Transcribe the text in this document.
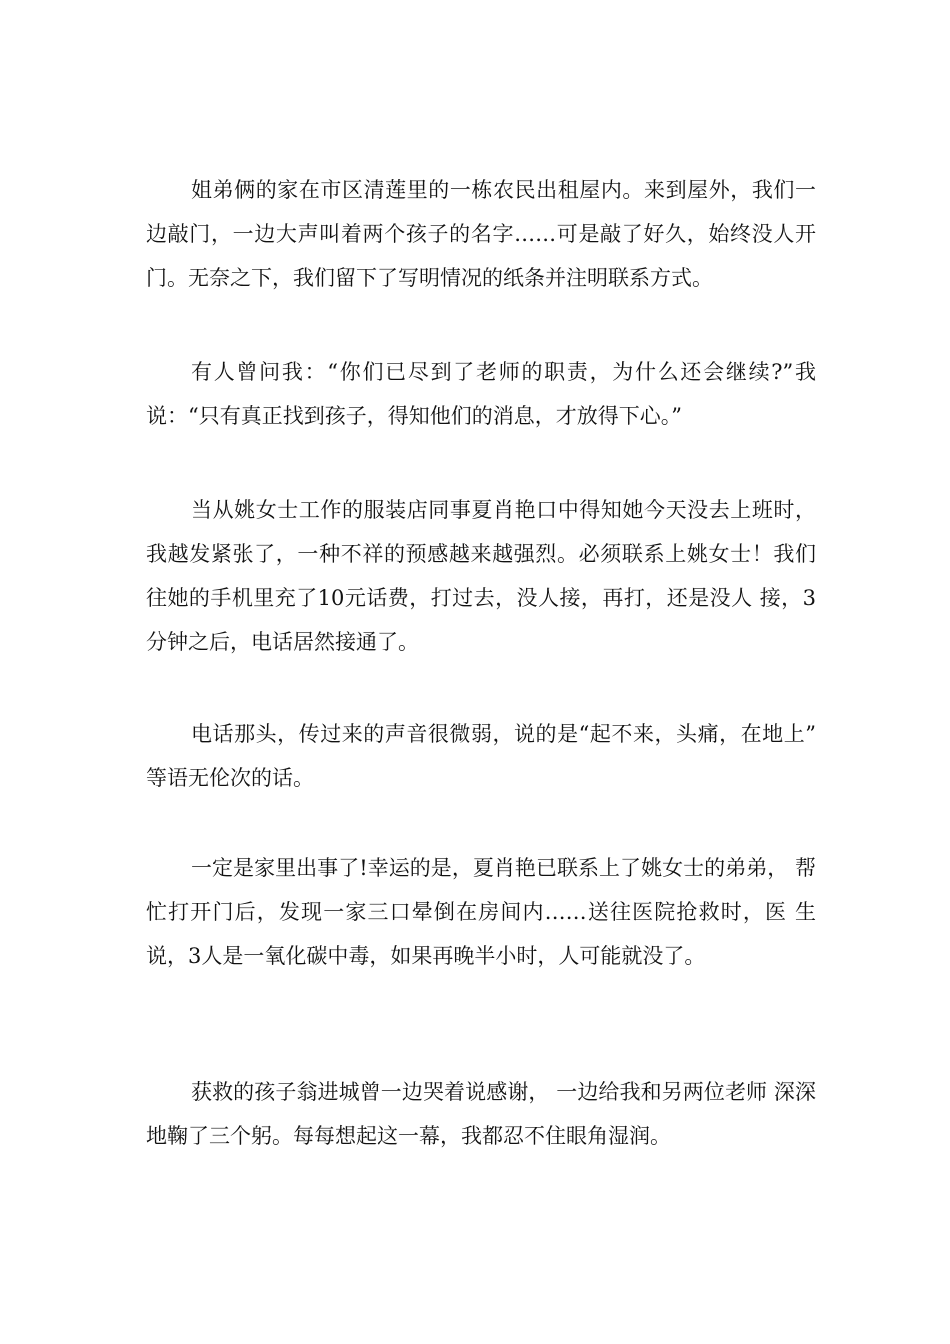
姐弟俩的家在市区清莲里的一栋农民出租屋内。来到屋外，我们一边敲门，一边大声叫着两个孩子的名字……可是敲了好久，始终没人开门。无奈之下，我们留下了写明情况的纸条并注明联系方式。

有人曾问我：“你们已尽到了老师的职责，为什么还会继续?”我说：“只有真正找到孩子，得知他们的消息，才放得下心。”

当从姚女士工作的服装店同事夏肖艳口中得知她今天没去上班时，我越发紧张了，一种不祥的预感越来越强烈。必须联系上姚女士！我们往她的手机里充了10元话费，打过去，没人接，再打，还是没人 接，3分钟之后，电话居然接通了。

电话那头，传过来的声音很微弱，说的是“起不来，头痛，在地上” 等语无伦次的话。

一定是家里出事了!幸运的是，夏肖艳已联系上了姚女士的弟弟， 帮忙打开门后，发现一家三口晕倒在房间内……送往医院抢救时，医 生说，3人是一氧化碳中毒，如果再晚半小时，人可能就没了。

获救的孩子翁进城曾一边哭着说感谢， 一边给我和另两位老师 深深地鞠了三个躬。每每想起这一幕，我都忍不住眼角湿润。
